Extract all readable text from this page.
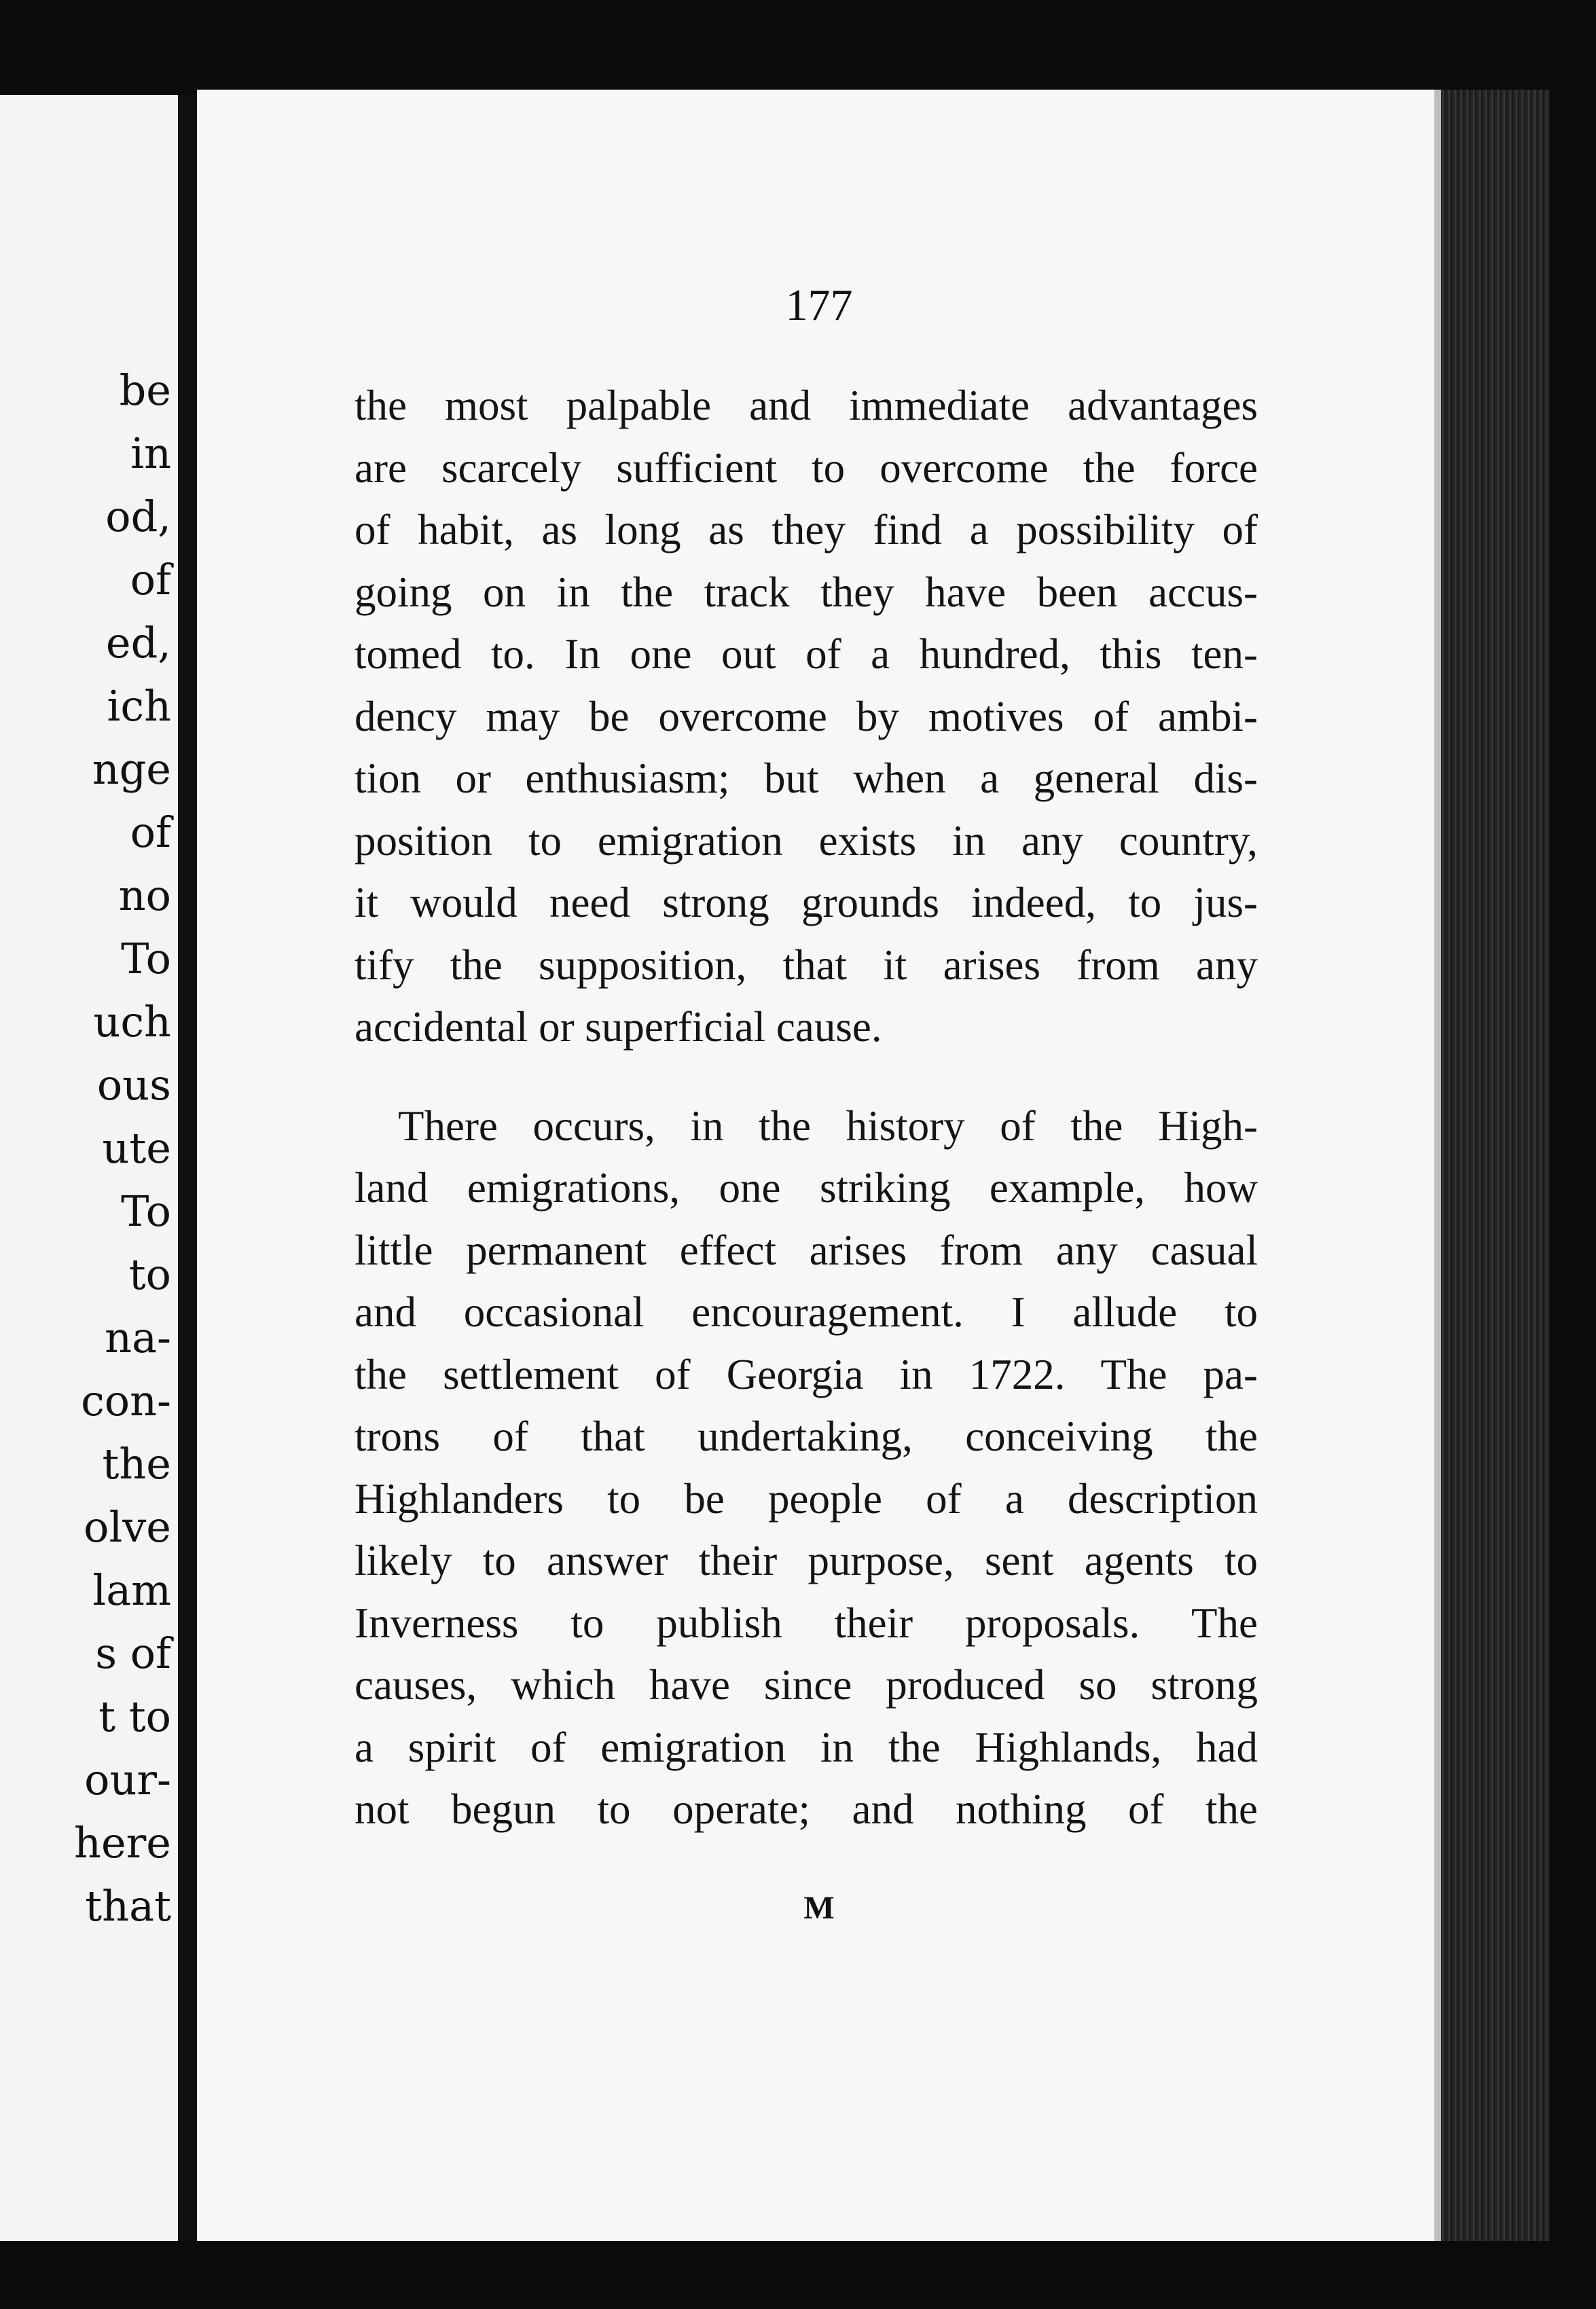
be
in
od,
of
ed,
ich
nge
of
no
To
uch
ous
ute
To
to
na-
con-
the
olve
lam
s of
t to
our-
here
that

177

the most palpable and immediate advantages
are scarcely sufficient to overcome the force
of habit, as long as they find a possibility of
going on in the track they have been accus-
tomed to. In one out of a hundred, this ten-
dency may be overcome by motives of ambi-
tion or enthusiasm; but when a general dis-
position to emigration exists in any country,
it would need strong grounds indeed, to jus-
tify the supposition, that it arises from any
accidental or superficial cause.

There occurs, in the history of the High-
land emigrations, one striking example, how
little permanent effect arises from any casual
and occasional encouragement. I allude to
the settlement of Georgia in 1722. The pa-
trons of that undertaking, conceiving the
Highlanders to be people of a description
likely to answer their purpose, sent agents to
Inverness to publish their proposals. The
causes, which have since produced so strong
a spirit of emigration in the Highlands, had
not begun to operate; and nothing of the

M
